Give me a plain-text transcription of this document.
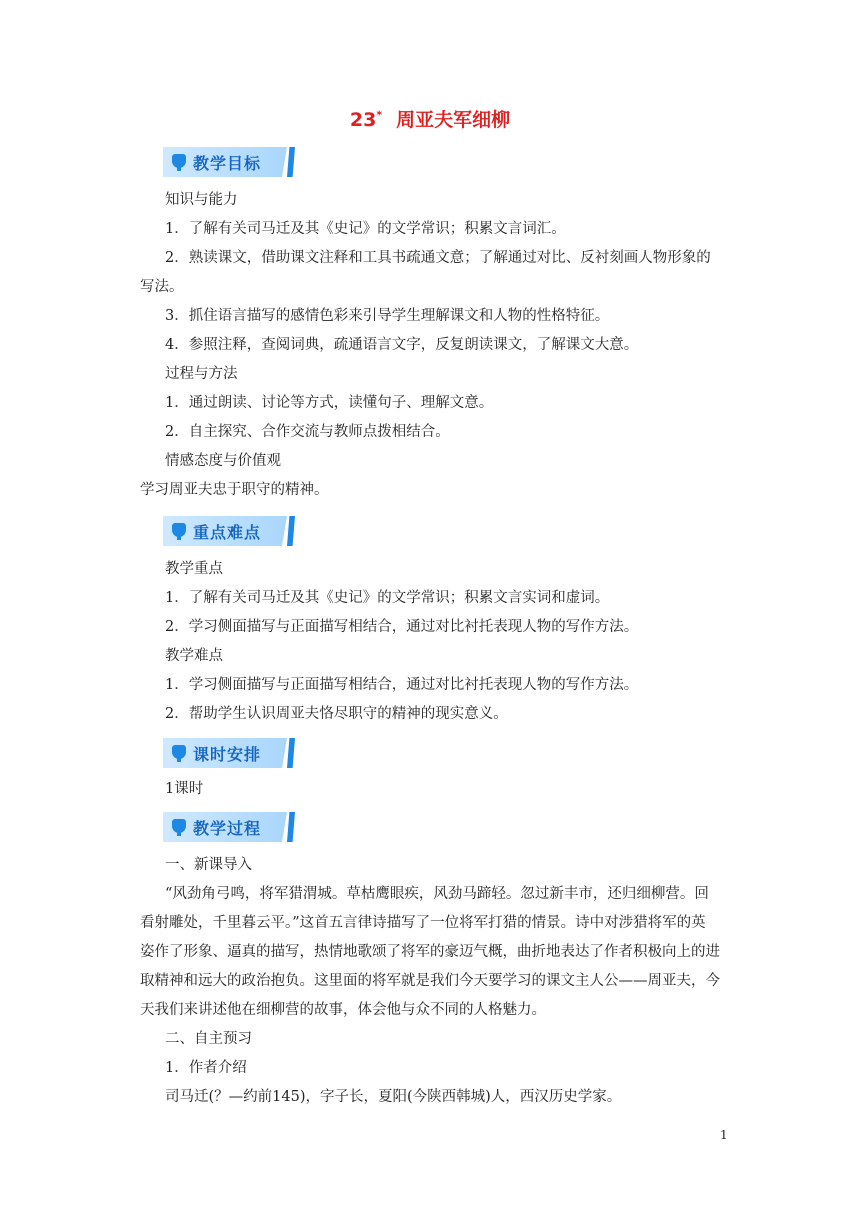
23* 周亚夫军细柳
教学目标
知识与能力
1．了解有关司马迁及其《史记》的文学常识；积累文言词汇。
2．熟读课文，借助课文注释和工具书疏通文意；了解通过对比、反衬刻画人物形象的
写法。
3．抓住语言描写的感情色彩来引导学生理解课文和人物的性格特征。
4．参照注释，查阅词典，疏通语言文字，反复朗读课文，了解课文大意。
过程与方法
1．通过朗读、讨论等方式，读懂句子、理解文意。
2．自主探究、合作交流与教师点拨相结合。
情感态度与价值观
学习周亚夫忠于职守的精神。
重点难点
教学重点
1．了解有关司马迁及其《史记》的文学常识；积累文言实词和虚词。
2．学习侧面描写与正面描写相结合，通过对比衬托表现人物的写作方法。
教学难点
1．学习侧面描写与正面描写相结合，通过对比衬托表现人物的写作方法。
2．帮助学生认识周亚夫恪尽职守的精神的现实意义。
课时安排
1课时
教学过程
一、新课导入
“风劲角弓鸣，将军猎渭城。草枯鹰眼疾，风劲马蹄轻。忽过新丰市，还归细柳营。回
看射雕处，千里暮云平。”这首五言律诗描写了一位将军打猎的情景。诗中对涉猎将军的英
姿作了形象、逼真的描写，热情地歌颂了将军的豪迈气概，曲折地表达了作者积极向上的进
取精神和远大的政治抱负。这里面的将军就是我们今天要学习的课文主人公——周亚夫，今
天我们来讲述他在细柳营的故事，体会他与众不同的人格魅力。
二、自主预习
1．作者介绍
司马迁(？—约前145)，字子长，夏阳(今陕西韩城)人，西汉历史学家。
1
